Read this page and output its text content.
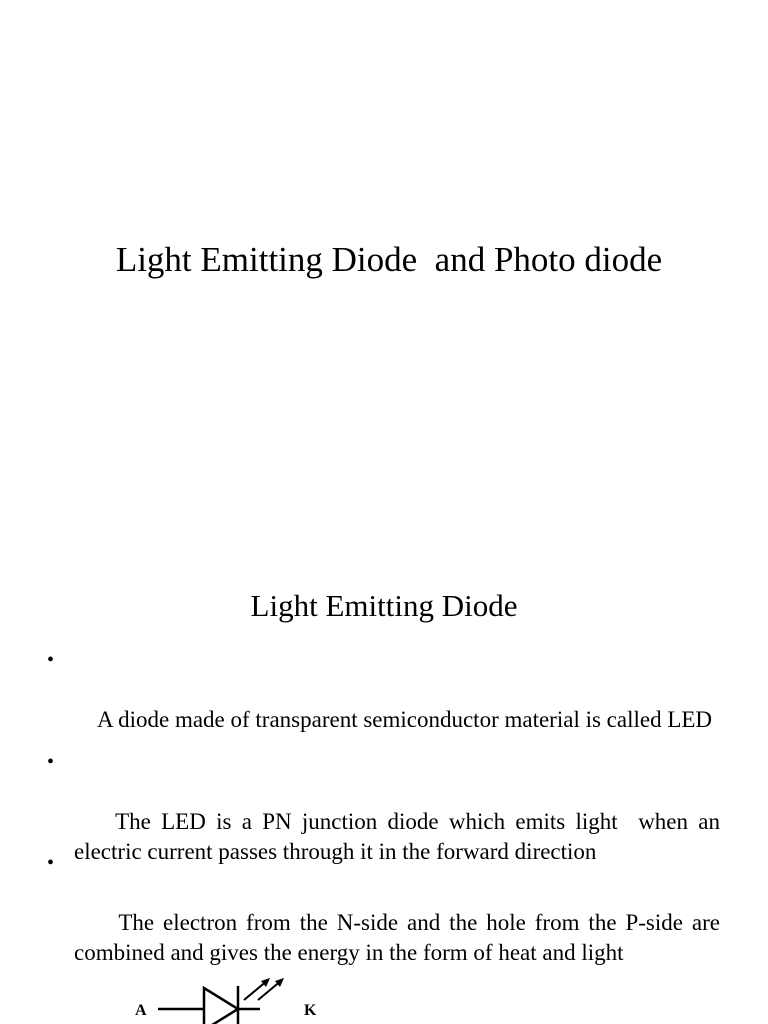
Light Emitting Diode  and Photo diode
Light Emitting Diode

•

A diode made of transparent semiconductor material is called LED

•

The LED is a PN junction diode which emits light  when an electric current passes through it in the forward direction

•

The electron from the N-side and the hole from the P-side are combined and gives the energy in the form of heat and light

A	K
